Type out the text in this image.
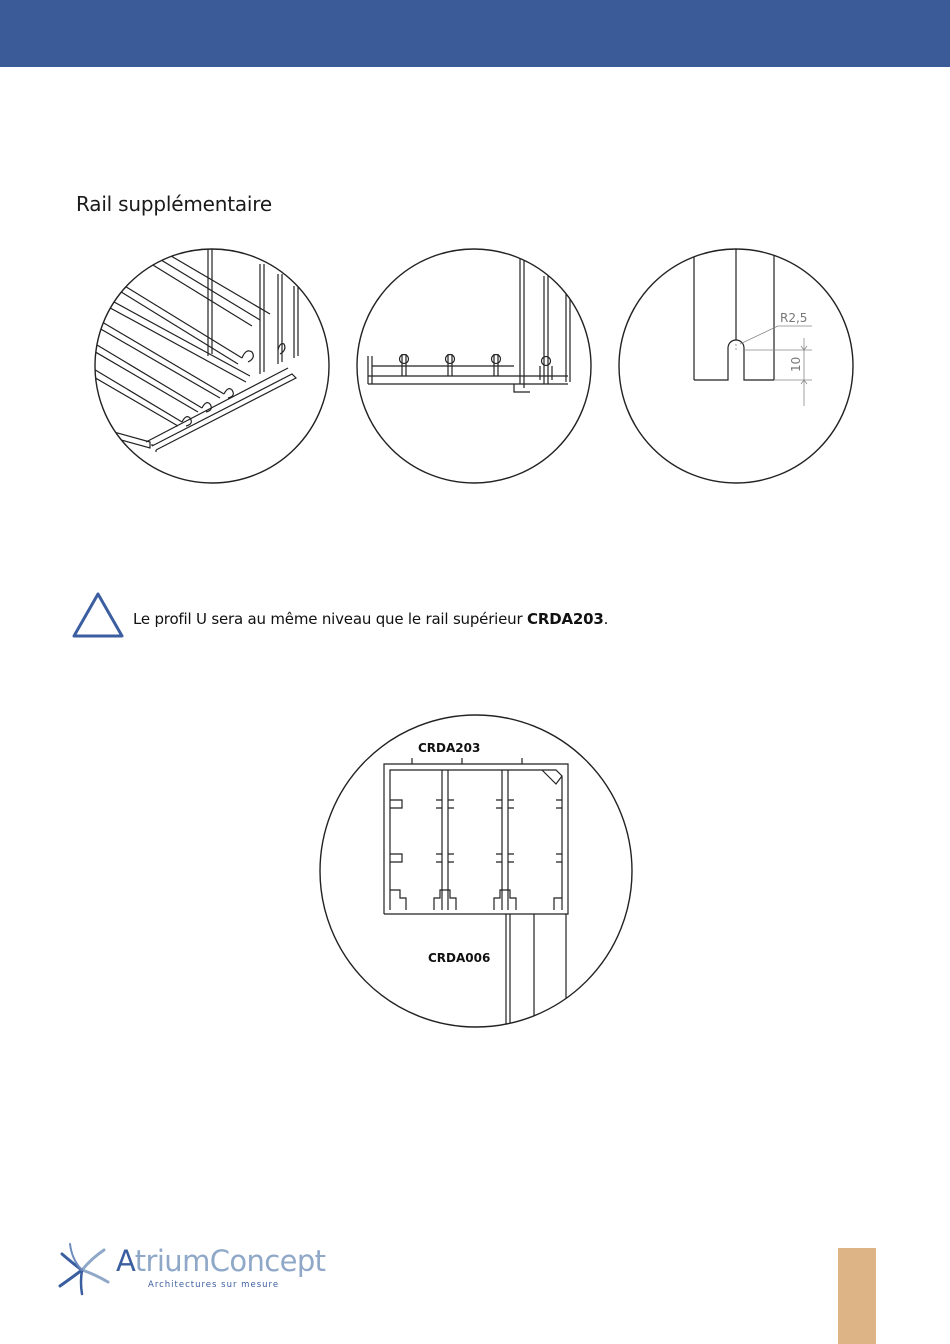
Rail supplémentaire
R2,5
10
Le profil U sera au même niveau que le rail supérieur CRDA203.
CRDA203
CRDA006
AtriumConcept
Architectures sur mesure
